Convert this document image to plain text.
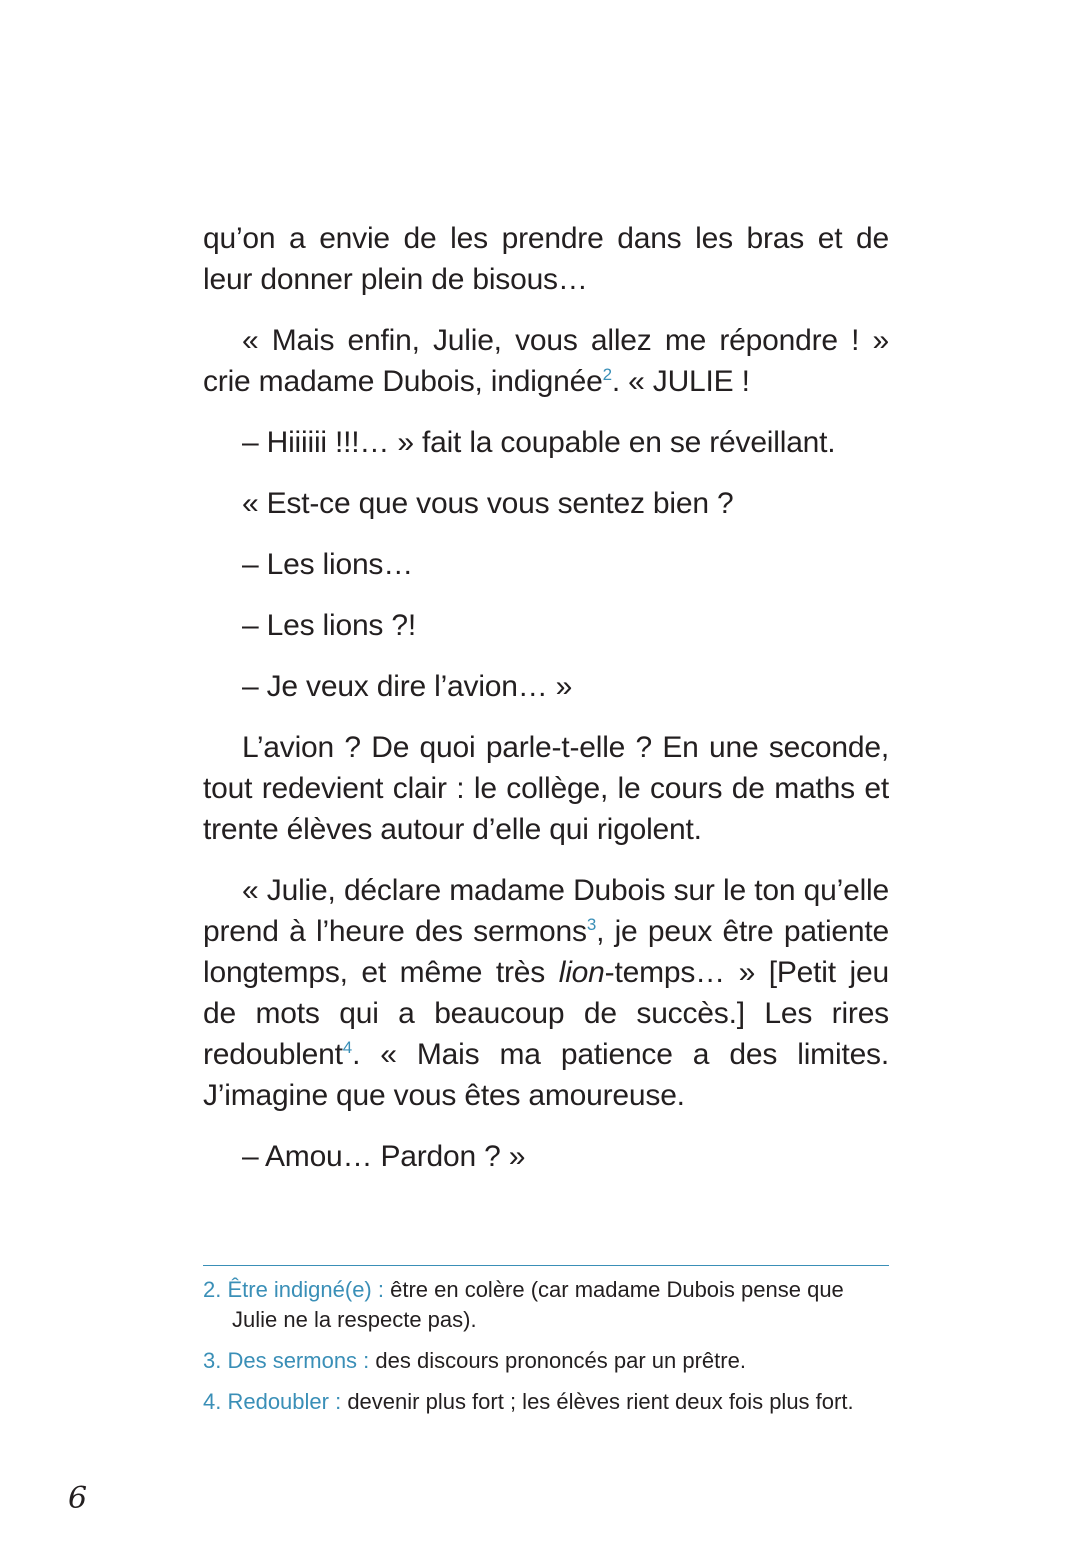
qu’on a envie de les prendre dans les bras et de leur donner plein de bisous…

« Mais enfin, Julie, vous allez me répondre ! » crie madame Dubois, indignée$^2$. « JULIE !

– Hiiiiii !!!… » fait la coupable en se réveillant.

« Est-ce que vous vous sentez bien ?

– Les lions…

– Les lions ?!

– Je veux dire l’avion… »

L’avion ? De quoi parle-t-elle ? En une seconde, tout redevient clair : le collège, le cours de maths et trente élèves autour d’elle qui rigolent.

« Julie, déclare madame Dubois sur le ton qu’elle prend à l’heure des sermons$^3$, je peux être patiente longtemps, et même très lion-temps… » [Petit jeu de mots qui a beaucoup de succès.] Les rires redoublent$^4$. « Mais ma patience a des limites. J’imagine que vous êtes amoureuse.

– Amou… Pardon ? »

2. Être indigné(e) : être en colère (car madame Dubois pense que Julie ne la respecte pas).

3. Des sermons : des discours prononcés par un prêtre.

4. Redoubler : devenir plus fort ; les élèves rient deux fois plus fort.

6
